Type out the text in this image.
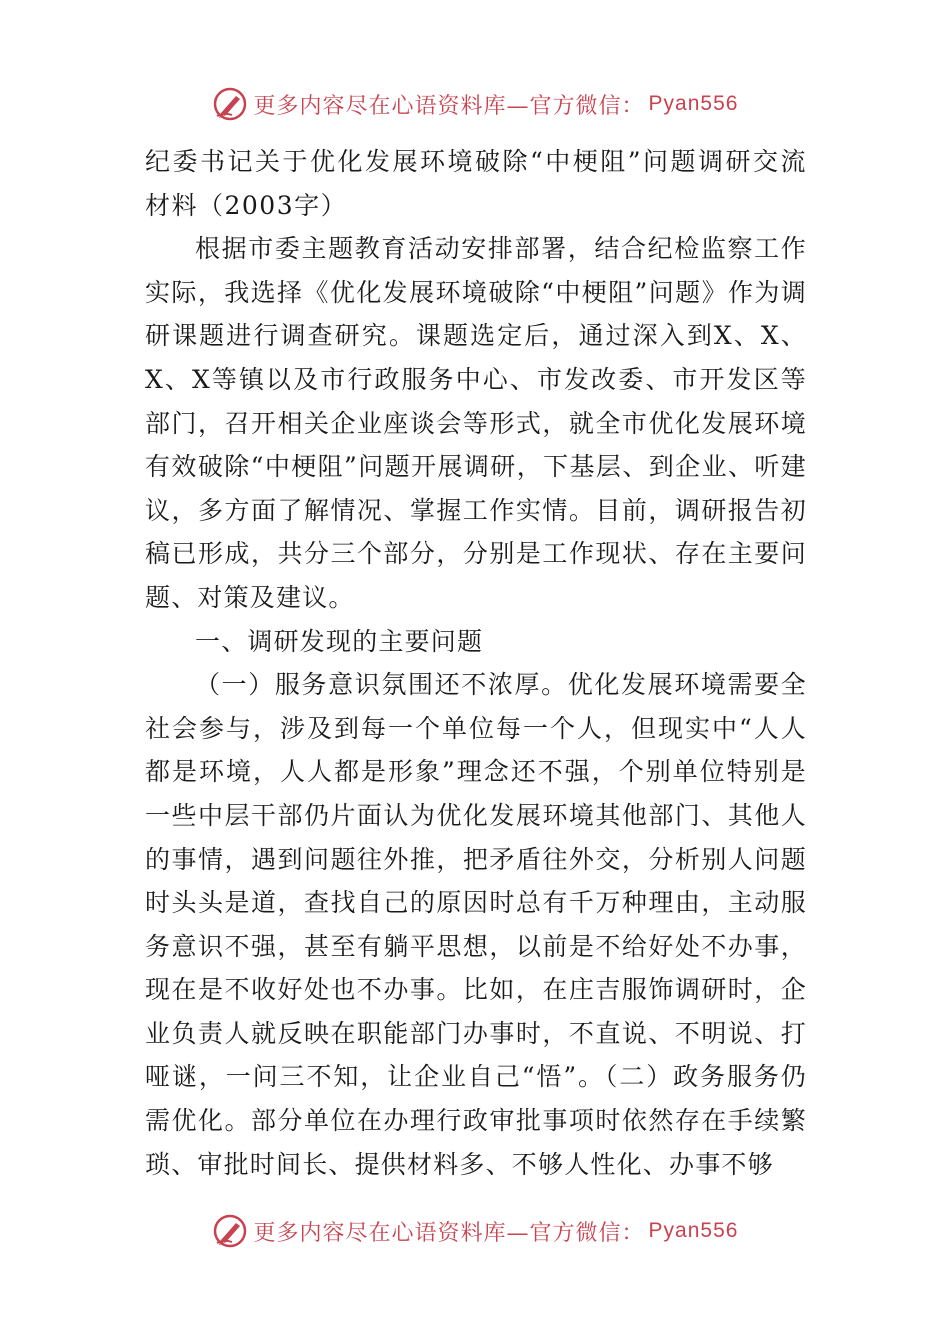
更多内容尽在心语资料库—官方微信： Pyan556

纪委书记关于优化发展环境破除“中梗阻”问题调研交流材料（2003字）

根据市委主题教育活动安排部署，结合纪检监察工作实际，我选择《优化发展环境破除“中梗阻”问题》作为调研课题进行调查研究。课题选定后，通过深入到X、X、X、X等镇以及市行政服务中心、市发改委、市开发区等部门，召开相关企业座谈会等形式，就全市优化发展环境有效破除“中梗阻”问题开展调研，下基层、到企业、听建议，多方面了解情况、掌握工作实情。目前，调研报告初稿已形成，共分三个部分，分别是工作现状、存在主要问题、对策及建议。

一、调研发现的主要问题

（一）服务意识氛围还不浓厚。优化发展环境需要全社会参与，涉及到每一个单位每一个人，但现实中“人人都是环境，人人都是形象”理念还不强，个别单位特别是一些中层干部仍片面认为优化发展环境其他部门、其他人的事情，遇到问题往外推，把矛盾往外交，分析别人问题时头头是道，查找自己的原因时总有千万种理由，主动服务意识不强，甚至有躺平思想，以前是不给好处不办事，现在是不收好处也不办事。比如，在庄吉服饰调研时，企业负责人就反映在职能部门办事时，不直说、不明说、打哑谜，一问三不知，让企业自己“悟”。（二）政务服务仍需优化。部分单位在办理行政审批事项时依然存在手续繁琐、审批时间长、提供材料多、不够人性化、办事不够

更多内容尽在心语资料库—官方微信： Pyan556
